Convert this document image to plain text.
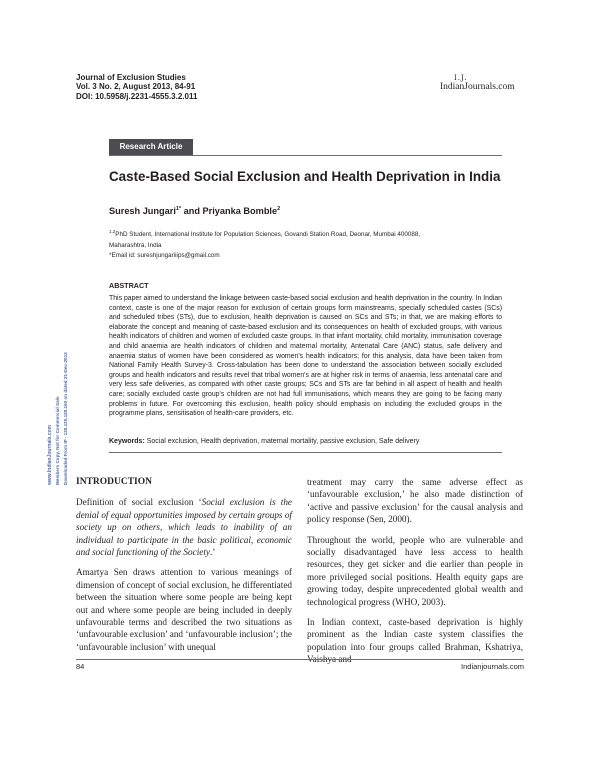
Journal of Exclusion Studies
Vol. 3 No. 2, August 2013, 84-91
DOI: 10.5958/j.2231-4555.3.2.011
I.J.
IndianJournals.com
Research Article
Caste-Based Social Exclusion and Health Deprivation in India
Suresh Jungari$^{1*}$ and Priyanka Bomble$^2$
$^{1,2}$PhD Student, International Institute for Population Sciences, Govandi Station Road, Deonar, Mumbai 400088,
Maharashtra, India
*Email id: sureshjungariiips@gmail.com
ABSTRACT
This paper aimed to understand the linkage between caste-based social exclusion and health deprivation in the country. In Indian context, caste is one of the major reason for exclusion of certain groups form mainstreams, specially scheduled castes (SCs) and scheduled tribes (STs), due to exclusion, health deprivation is caused on SCs and STs; in that, we are making efforts to elaborate the concept and meaning of caste-based exclusion and its consequences on health of excluded groups, with various health indicators of children and women of excluded caste groups. In that infant mortality, child mortality, immunisation coverage and child anaemia are health indicators of children and maternal mortality, Antenatal Care (ANC) status, safe delivery and anaemia status of women have been considered as women's health indicators; for this analysis, data have been taken from National Family Health Survey-3. Cross-tabulation has been done to understand the association between socially excluded groups and health indicators and results revel that tribal women's are at higher risk in terms of anaemia, less antenatal care and very less safe deliveries, as compared with other caste groups; SCs and STs are far behind in all aspect of health and health care; socially excluded caste group's children are not had full immunisations, which means they are going to be facing many problems in future. For overcoming this exclusion, health policy should emphasis on including the excluded groups in the programme plans, sensitisation of health-care providers, etc.
Keywords: Social exclusion, Health deprivation, maternal mortality, passive exclusion, Safe delivery
www.IndianJournals.com Members Copy, Not for Commercial Sale Downloaded From IP - 125.125.128.160 on dated 21-Dec-2013 INTRODUCTION

Definition of social exclusion ‘Social exclusion is the denial of equal opportunities imposed by certain groups of society up on others, which leads to inability of an individual to participate in the basic political, economic and social functioning of the Society.’

Amartya Sen draws attention to various meanings of dimension of concept of social exclusion, he differentiated between the situation where some people are being kept out and where some people are being included in deeply unfavourable terms and described the two situations as ‘unfavourable exclusion’ and ‘unfavourable inclusion’; the ‘unfavourable inclusion’ with unequal

treatment may carry the same adverse effect as ‘unfavourable exclusion,’ he also made distinction of ‘active and passive exclusion’ for the causal analysis and policy response (Sen, 2000).

Throughout the world, people who are vulnerable and socially disadvantaged have less access to health resources, they get sicker and die earlier than people in more privileged social positions. Health equity gaps are growing today, despite unprecedented global wealth and technological progress (WHO, 2003).

In Indian context, caste-based deprivation is highly prominent as the Indian caste system classifies the population into four groups called Brahman, Kshatriya, Vaishya and

84	Indianjournals.com
